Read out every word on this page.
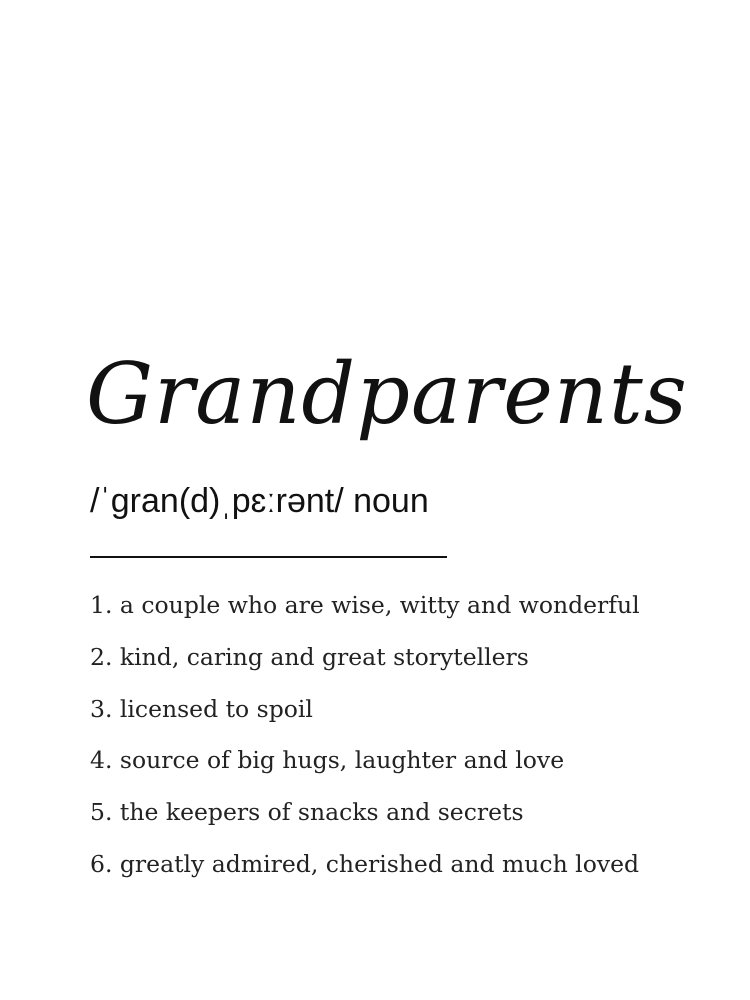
Grandparents
/ˈɡran(d)ˌpɛːrənt/ noun
1. a couple who are wise, witty and wonderful
2. kind, caring and great storytellers
3. licensed to spoil
4. source of big hugs, laughter and love
5. the keepers of snacks and secrets
6. greatly admired, cherished and much loved
